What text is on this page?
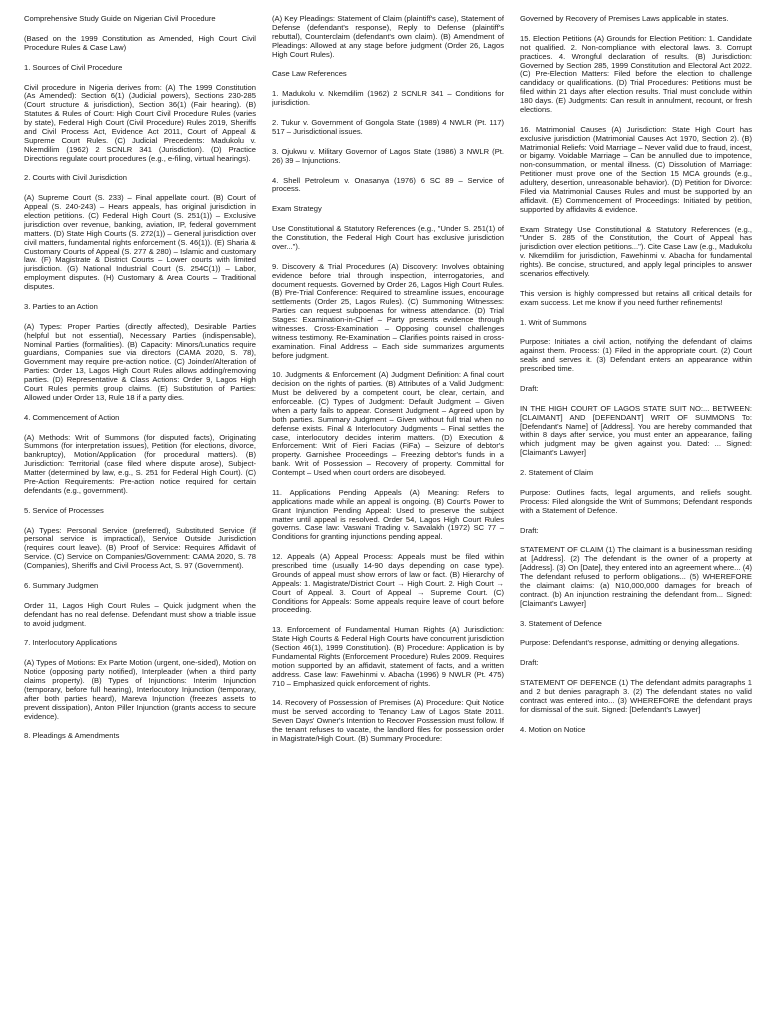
Comprehensive Study Guide on Nigerian Civil Procedure

(Based on the 1999 Constitution as Amended, High Court Civil Procedure Rules & Case Law)

1. Sources of Civil Procedure

Civil procedure in Nigeria derives from: (A) The 1999 Constitution (As Amended): Section 6(1) (Judicial powers), Sections 230-285 (Court structure & jurisdiction), Section 36(1) (Fair hearing). (B) Statutes & Rules of Court: High Court Civil Procedure Rules (varies by state), Federal High Court (Civil Procedure) Rules 2019, Sheriffs and Civil Process Act, Evidence Act 2011, Court of Appeal & Supreme Court Rules. (C) Judicial Precedents: Madukolu v. Nkemdilim (1962) 2 SCNLR 341 (Jurisdiction). (D) Practice Directions regulate court procedures (e.g., e-filing, virtual hearings).

2. Courts with Civil Jurisdiction

(A) Supreme Court (S. 233) – Final appellate court. (B) Court of Appeal (S. 240-243) – Hears appeals, has original jurisdiction in election petitions. (C) Federal High Court (S. 251(1)) – Exclusive jurisdiction over revenue, banking, aviation, IP, federal government matters. (D) State High Courts (S. 272(1)) – General jurisdiction over civil matters, fundamental rights enforcement (S. 46(1)). (E) Sharia & Customary Courts of Appeal (S. 277 & 280) – Islamic and customary law. (F) Magistrate & District Courts – Lower courts with limited jurisdiction. (G) National Industrial Court (S. 254C(1)) – Labor, employment disputes. (H) Customary & Area Courts – Traditional disputes.

3. Parties to an Action

(A) Types: Proper Parties (directly affected), Desirable Parties (helpful but not essential), Necessary Parties (indispensable), Nominal Parties (formalities). (B) Capacity: Minors/Lunatics require guardians, Companies sue via directors (CAMA 2020, S. 78), Government may require pre-action notice. (C) Joinder/Alteration of Parties: Order 13, Lagos High Court Rules allows adding/removing parties. (D) Representative & Class Actions: Order 9, Lagos High Court Rules permits group claims. (E) Substitution of Parties: Allowed under Order 13, Rule 18 if a party dies.

4. Commencement of Action

(A) Methods: Writ of Summons (for disputed facts), Originating Summons (for interpretation issues), Petition (for elections, divorce, bankruptcy), Motion/Application (for procedural matters). (B) Jurisdiction: Territorial (case filed where dispute arose), Subject-Matter (determined by law, e.g., S. 251 for Federal High Court). (C) Pre-Action Requirements: Pre-action notice required for certain defendants (e.g., government).

5. Service of Processes

(A) Types: Personal Service (preferred), Substituted Service (if personal service is impractical), Service Outside Jurisdiction (requires court leave). (B) Proof of Service: Requires Affidavit of Service. (C) Service on Companies/Government: CAMA 2020, S. 78 (Companies), Sheriffs and Civil Process Act, S. 97 (Government).

6. Summary Judgmen

Order 11, Lagos High Court Rules – Quick judgment when the defendant has no real defense. Defendant must show a triable issue to avoid judgment.

7. Interlocutory Applications

(A) Types of Motions: Ex Parte Motion (urgent, one-sided), Motion on Notice (opposing party notified), Interpleader (when a third party claims property). (B) Types of Injunctions: Interim Injunction (temporary, before full hearing), Interlocutory Injunction (temporary, after both parties heard), Mareva Injunction (freezes assets to prevent dissipation), Anton Piller Injunction (grants access to secure evidence).

8. Pleadings & Amendments

(A) Key Pleadings: Statement of Claim (plaintiff's case), Statement of Defense (defendant's response), Reply to Defense (plaintiff's rebuttal), Counterclaim (defendant's own claim). (B) Amendment of Pleadings: Allowed at any stage before judgment (Order 26, Lagos High Court Rules).

Case Law References

1. Madukolu v. Nkemdilim (1962) 2 SCNLR 341 – Conditions for jurisdiction.

2. Tukur v. Government of Gongola State (1989) 4 NWLR (Pt. 117) 517 – Jurisdictional issues.

3. Ojukwu v. Military Governor of Lagos State (1986) 3 NWLR (Pt. 26) 39 – Injunctions.

4. Shell Petroleum v. Onasanya (1976) 6 SC 89 – Service of process.

Exam Strategy

Use Constitutional & Statutory References (e.g., "Under S. 251(1) of the Constitution, the Federal High Court has exclusive jurisdiction over...").

9. Discovery & Trial Procedures (A) Discovery: Involves obtaining evidence before trial through inspection, interrogatories, and document requests. Governed by Order 26, Lagos High Court Rules. (B) Pre-Trial Conference: Required to streamline issues, encourage settlements (Order 25, Lagos Rules). (C) Summoning Witnesses: Parties can request subpoenas for witness attendance. (D) Trial Stages: Examination-in-Chief – Party presents evidence through witnesses. Cross-Examination – Opposing counsel challenges witness testimony. Re-Examination – Clarifies points raised in cross-examination. Final Address – Each side summarizes arguments before judgment.

10. Judgments & Enforcement (A) Judgment Definition: A final court decision on the rights of parties. (B) Attributes of a Valid Judgment: Must be delivered by a competent court, be clear, certain, and enforceable. (C) Types of Judgment: Default Judgment – Given when a party fails to appear. Consent Judgment – Agreed upon by both parties. Summary Judgment – Given without full trial when no defense exists. Final & Interlocutory Judgments – Final settles the case, interlocutory decides interim matters. (D) Execution & Enforcement: Writ of Fieri Facias (FiFa) – Seizure of debtor's property. Garnishee Proceedings – Freezing debtor's funds in a bank. Writ of Possession – Recovery of property. Committal for Contempt – Used when court orders are disobeyed.

11. Applications Pending Appeals (A) Meaning: Refers to applications made while an appeal is ongoing. (B) Court's Power to Grant Injunction Pending Appeal: Used to preserve the subject matter until appeal is resolved. Order 54, Lagos High Court Rules governs. Case law: Vaswani Trading v. Savalakh (1972) SC 77 – Conditions for granting injunctions pending appeal.

12. Appeals (A) Appeal Process: Appeals must be filed within prescribed time (usually 14-90 days depending on case type). Grounds of appeal must show errors of law or fact. (B) Hierarchy of Appeals: 1. Magistrate/District Court → High Court. 2. High Court → Court of Appeal. 3. Court of Appeal → Supreme Court. (C) Conditions for Appeals: Some appeals require leave of court before proceeding.

13. Enforcement of Fundamental Human Rights (A) Jurisdiction: State High Courts & Federal High Courts have concurrent jurisdiction (Section 46(1), 1999 Constitution). (B) Procedure: Application is by Fundamental Rights (Enforcement Procedure) Rules 2009. Requires motion supported by an affidavit, statement of facts, and a written address. Case law: Fawehinmi v. Abacha (1996) 9 NWLR (Pt. 475) 710 – Emphasized quick enforcement of rights.

14. Recovery of Possession of Premises (A) Procedure: Quit Notice must be served according to Tenancy Law of Lagos State 2011. Seven Days' Owner's Intention to Recover Possession must follow. If the tenant refuses to vacate, the landlord files for possession order in Magistrate/High Court. (B) Summary Procedure:

Governed by Recovery of Premises Laws applicable in states.

15. Election Petitions (A) Grounds for Election Petition: 1. Candidate not qualified. 2. Non-compliance with electoral laws. 3. Corrupt practices. 4. Wrongful declaration of results. (B) Jurisdiction: Governed by Section 285, 1999 Constitution and Electoral Act 2022. (C) Pre-Election Matters: Filed before the election to challenge candidacy or qualifications. (D) Trial Procedures: Petitions must be filed within 21 days after election results. Trial must conclude within 180 days. (E) Judgments: Can result in annulment, recount, or fresh elections.

16. Matrimonial Causes (A) Jurisdiction: State High Court has exclusive jurisdiction (Matrimonial Causes Act 1970, Section 2). (B) Matrimonial Reliefs: Void Marriage – Never valid due to fraud, incest, or bigamy. Voidable Marriage – Can be annulled due to impotence, non-consummation, or mental illness. (C) Dissolution of Marriage: Petitioner must prove one of the Section 15 MCA grounds (e.g., adultery, desertion, unreasonable behavior). (D) Petition for Divorce: Filed via Matrimonial Causes Rules and must be supported by an affidavit. (E) Commencement of Proceedings: Initiated by petition, supported by affidavits & evidence.

Exam Strategy Use Constitutional & Statutory References (e.g., "Under S. 285 of the Constitution, the Court of Appeal has jurisdiction over election petitions..."). Cite Case Law (e.g., Madukolu v. Nkemdilim for jurisdiction, Fawehinmi v. Abacha for fundamental rights). Be concise, structured, and apply legal principles to answer scenarios effectively.

This version is highly compressed but retains all critical details for exam success. Let me know if you need further refinements!

1. Writ of Summons

Purpose: Initiates a civil action, notifying the defendant of claims against them. Process: (1) Filed in the appropriate court. (2) Court seals and serves it. (3) Defendant enters an appearance within prescribed time.

Draft:

IN THE HIGH COURT OF LAGOS STATE SUIT NO:... BETWEEN: [CLAIMANT] AND [DEFENDANT] WRIT OF SUMMONS To: [Defendant's Name] of [Address]. You are hereby commanded that within 8 days after service, you must enter an appearance, failing which judgment may be given against you. Dated: ... Signed: [Claimant's Lawyer]

2. Statement of Claim

Purpose: Outlines facts, legal arguments, and reliefs sought. Process: Filed alongside the Writ of Summons; Defendant responds with a Statement of Defence.

Draft:

STATEMENT OF CLAIM (1) The claimant is a businessman residing at [Address]. (2) The defendant is the owner of a property at [Address]. (3) On [Date], they entered into an agreement where... (4) The defendant refused to perform obligations... (5) WHEREFORE the claimant claims: (a) N10,000,000 damages for breach of contract. (b) An injunction restraining the defendant from... Signed: [Claimant's Lawyer]

3. Statement of Defence

Purpose: Defendant's response, admitting or denying allegations.

Draft:

STATEMENT OF DEFENCE (1) The defendant admits paragraphs 1 and 2 but denies paragraph 3. (2) The defendant states no valid contract was entered into... (3) WHEREFORE the defendant prays for dismissal of the suit. Signed: [Defendant's Lawyer]

4. Motion on Notice
